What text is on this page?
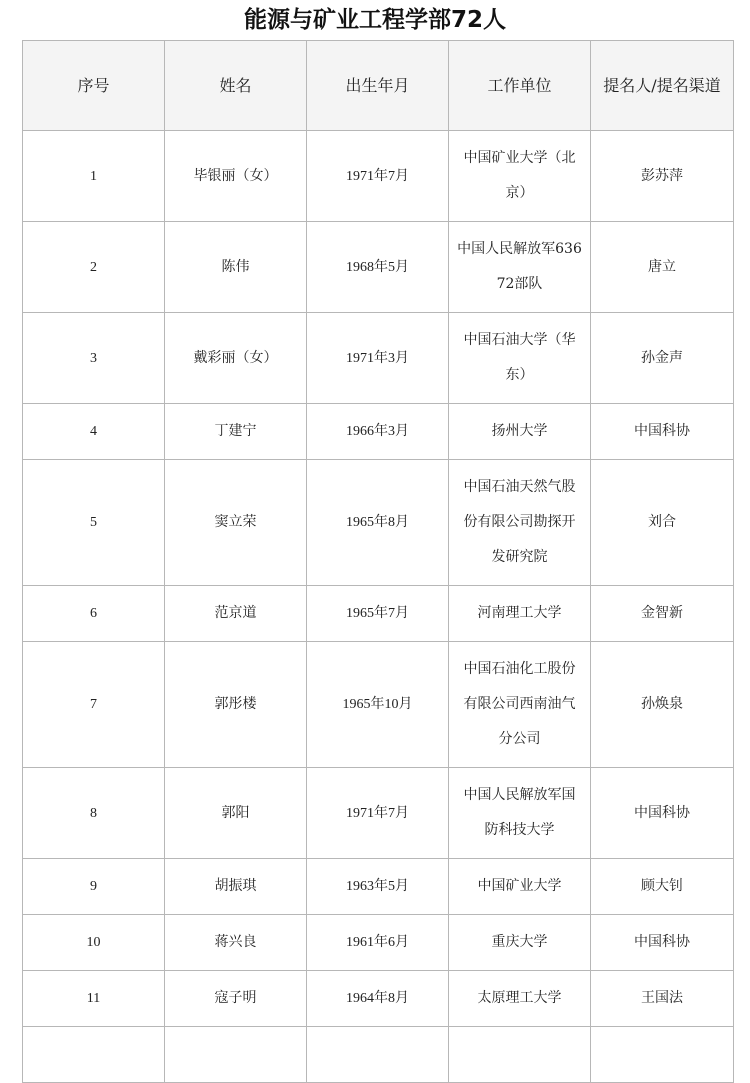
能源与矿业工程学部72人
序号	姓名	出生年月	工作单位	提名人/提名渠道
1	毕银丽（女）	1971年7月	中国矿业大学（北京）	彭苏萍
2	陈伟	1968年5月	中国人民解放军63672部队	唐立
3	戴彩丽（女）	1971年3月	中国石油大学（华东）	孙金声
4	丁建宁	1966年3月	扬州大学	中国科协
5	窦立荣	1965年8月	中国石油天然气股份有限公司勘探开发研究院	刘合
6	范京道	1965年7月	河南理工大学	金智新
7	郭彤楼	1965年10月	中国石油化工股份有限公司西南油气分公司	孙焕泉
8	郭阳	1971年7月	中国人民解放军国防科技大学	中国科协
9	胡振琪	1963年5月	中国矿业大学	顾大钊
10	蒋兴良	1961年6月	重庆大学	中国科协
11	寇子明	1964年8月	太原理工大学	王国法
